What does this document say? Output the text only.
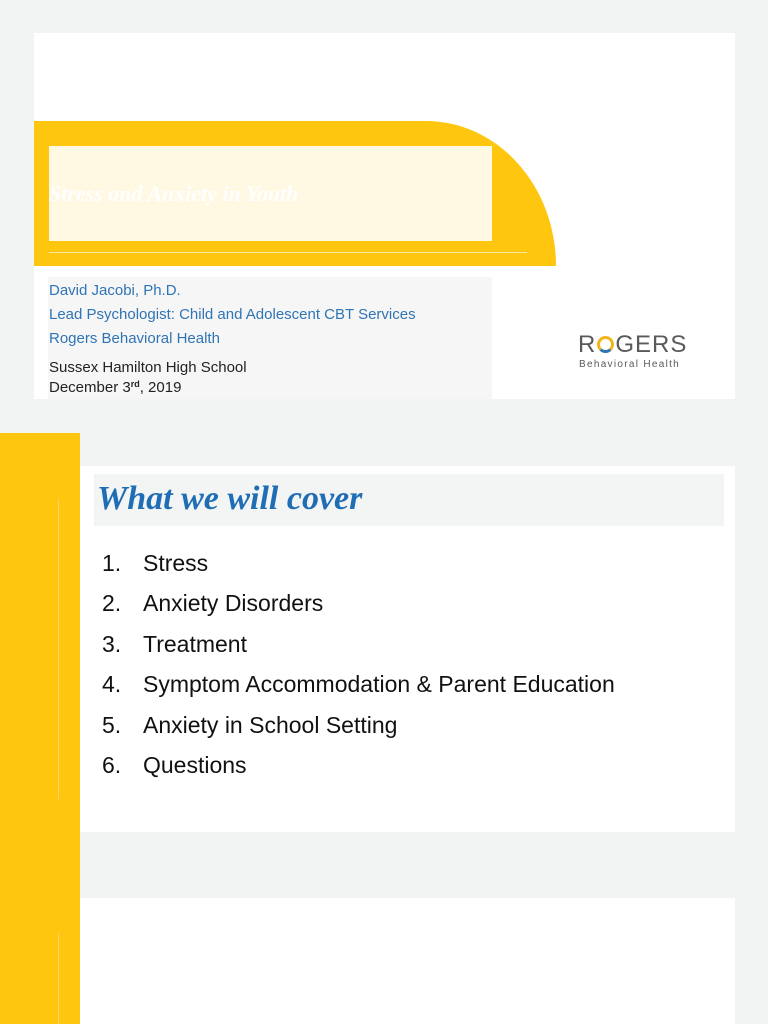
Stress and Anxiety in Youth
David Jacobi, Ph.D.
Lead Psychologist: Child and Adolescent CBT Services
Rogers Behavioral Health
Sussex Hamilton High School
December 3rd, 2019
R GERS
Behavioral Health
What we will cover
1. Stress
2. Anxiety Disorders
3. Treatment
4. Symptom Accommodation & Parent Education
5. Anxiety in School Setting
6. Questions
